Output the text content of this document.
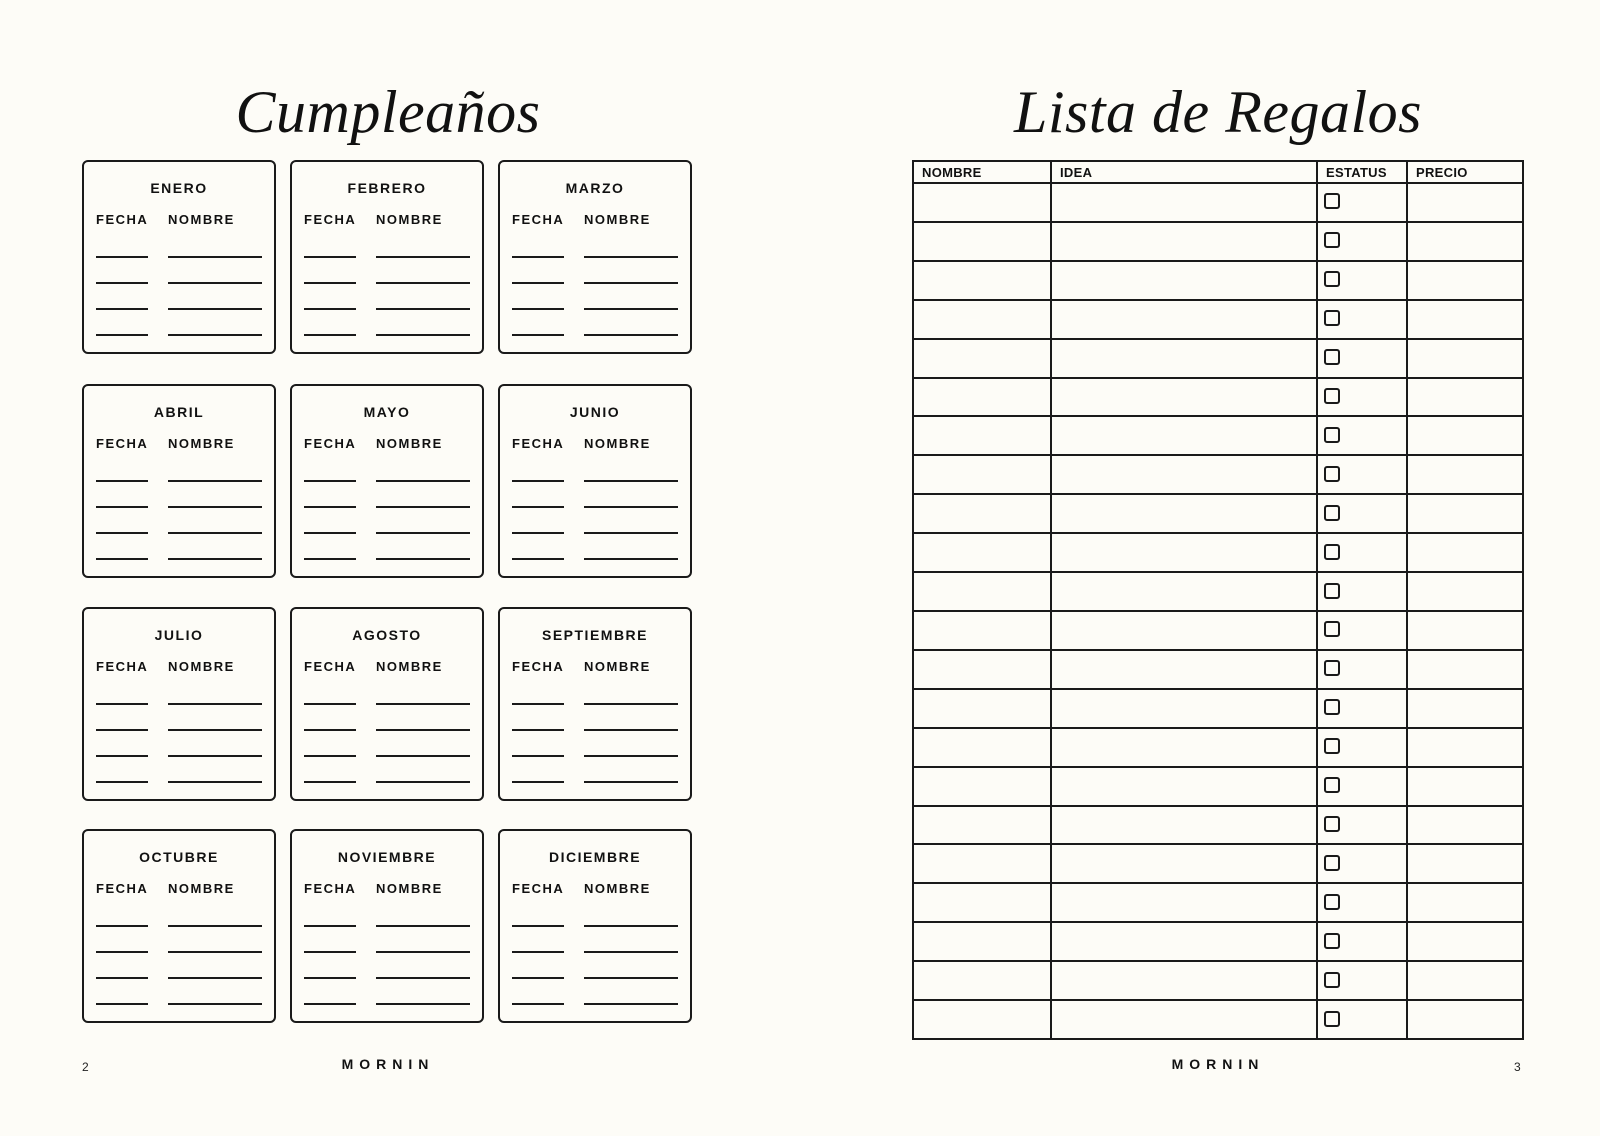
Cumpleaños	Lista de Regalos
ENERO
FECHA NOMBRE
FEBRERO
FECHA NOMBRE
MARZO
FECHA NOMBRE
ABRIL
FECHA NOMBRE
MAYO
FECHA NOMBRE
JUNIO
FECHA NOMBRE
JULIO
FECHA NOMBRE
AGOSTO
FECHA NOMBRE
SEPTIEMBRE
FECHA NOMBRE
OCTUBRE
FECHA NOMBRE
NOVIEMBRE
FECHA NOMBRE
DICIEMBRE
FECHA NOMBRE
NOMBRE	IDEA	ESTATUS	PRECIO
2	MORNIN	MORNIN	3
